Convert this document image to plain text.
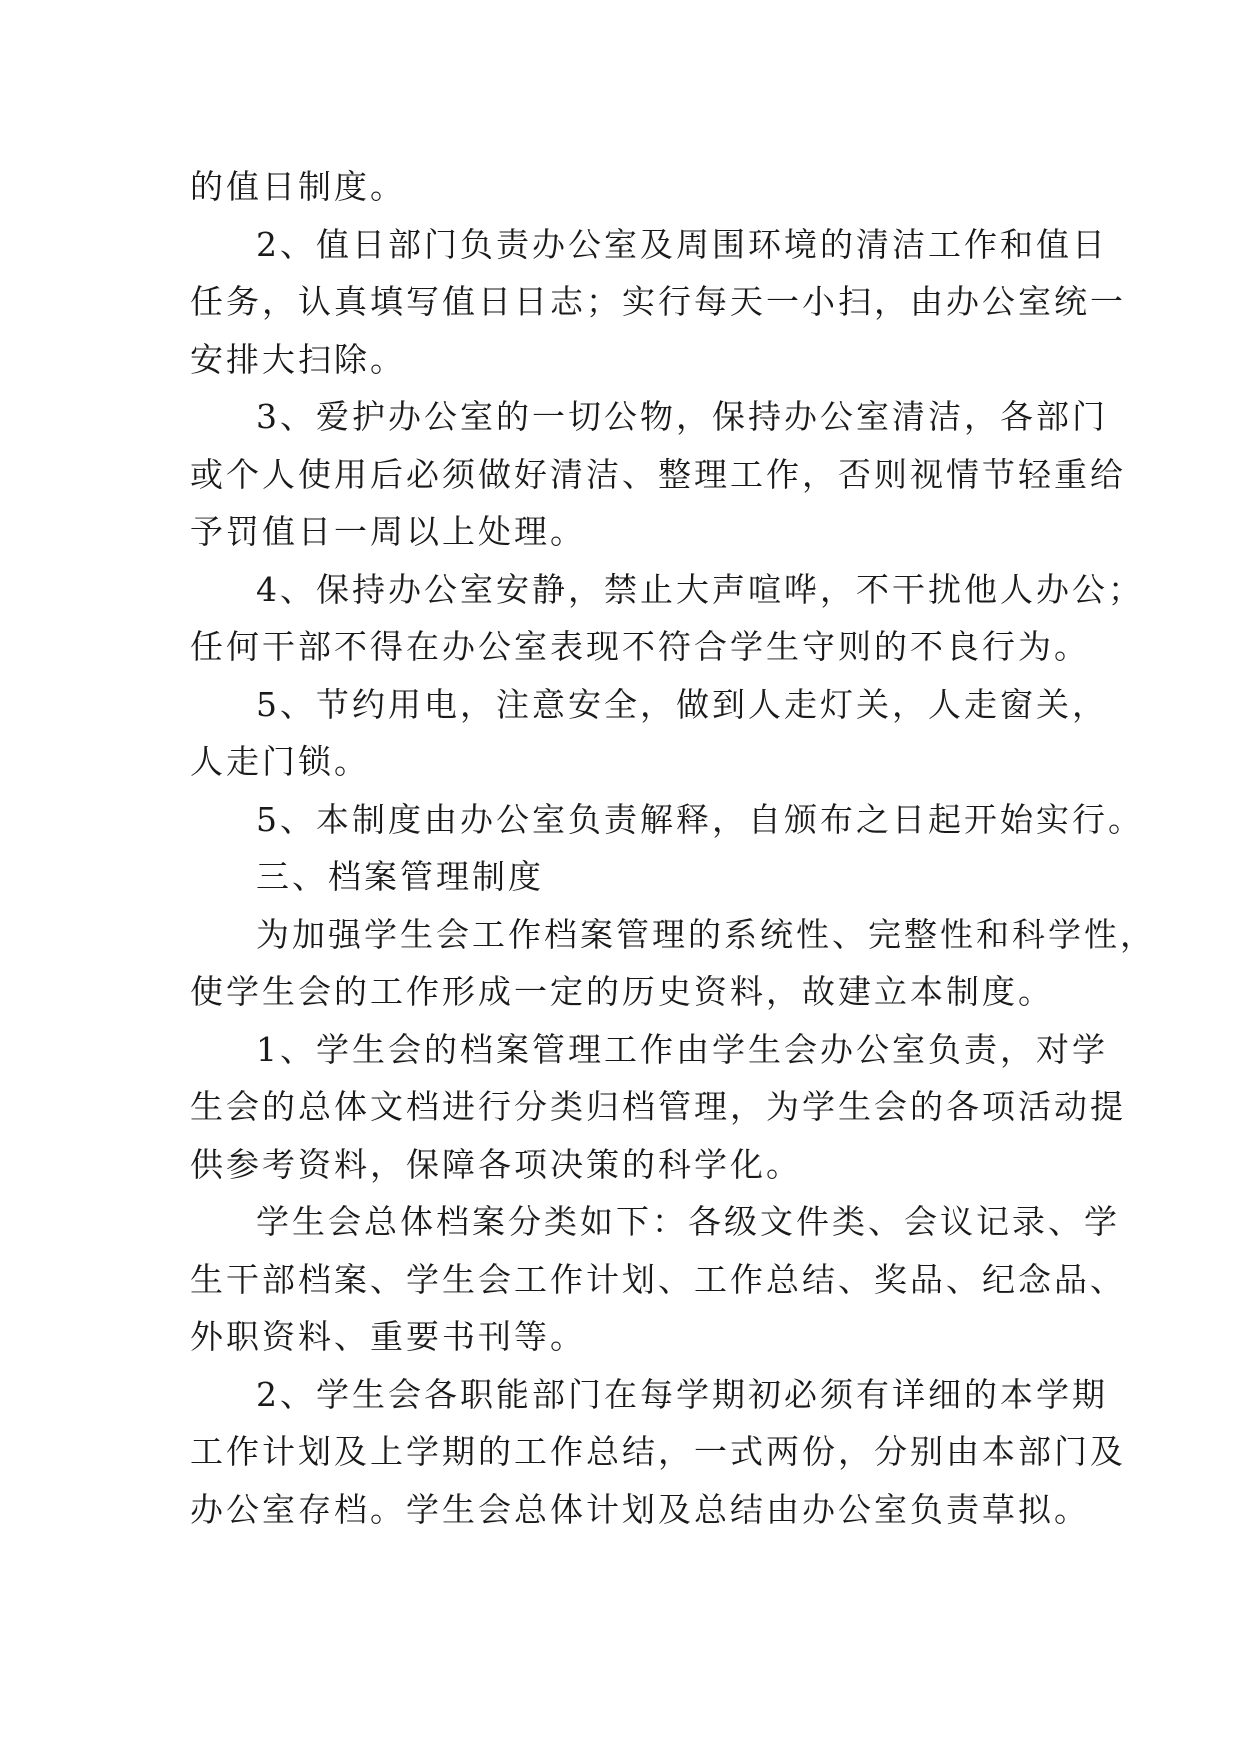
的值日制度。
2、值日部门负责办公室及周围环境的清洁工作和值日
任务，认真填写值日日志；实行每天一小扫，由办公室统一
安排大扫除。
3、爱护办公室的一切公物，保持办公室清洁，各部门
或个人使用后必须做好清洁、整理工作，否则视情节轻重给
予罚值日一周以上处理。
4、保持办公室安静，禁止大声喧哗，不干扰他人办公；
任何干部不得在办公室表现不符合学生守则的不良行为。
5、节约用电，注意安全，做到人走灯关，人走窗关，
人走门锁。
5、本制度由办公室负责解释，自颁布之日起开始实行。
三、档案管理制度
为加强学生会工作档案管理的系统性、完整性和科学性，
使学生会的工作形成一定的历史资料，故建立本制度。
1、学生会的档案管理工作由学生会办公室负责，对学
生会的总体文档进行分类归档管理，为学生会的各项活动提
供参考资料，保障各项决策的科学化。
学生会总体档案分类如下：各级文件类、会议记录、学
生干部档案、学生会工作计划、工作总结、奖品、纪念品、
外职资料、重要书刊等。
2、学生会各职能部门在每学期初必须有详细的本学期
工作计划及上学期的工作总结，一式两份，分别由本部门及
办公室存档。学生会总体计划及总结由办公室负责草拟。
